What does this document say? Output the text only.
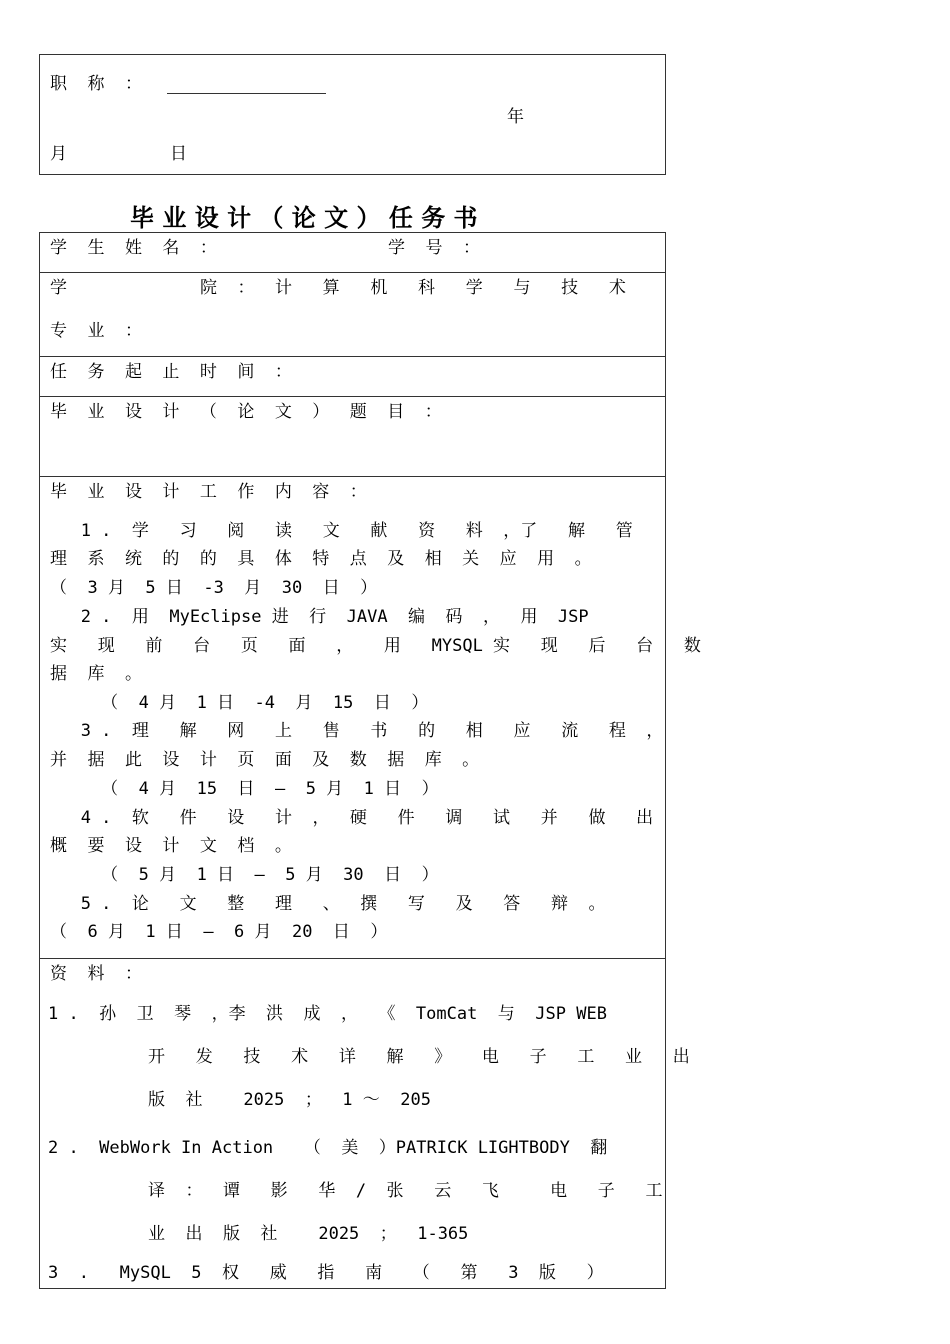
职  称  ：
年
月	日
毕 业 设 计 （ 论 文 ） 任 务 书
学  生  姓  名  ：	学  号  ：
学	院  ：  计   算   机   科   学   与   技   术
专  业  ：
任  务  起  止  时  间  ：
毕  业  设  计  （  论  文  ）  题  目  ：
毕  业  设  计  工  作  内  容  ：
1 .  学   习   阅   读   文   献   资   料  ，了   解   管
理  系  统  的  的  具  体  特  点  及  相  关  应  用  。
（  3 月  5 日  -3  月  30  日  ）
2 .  用  MyEclipse 进  行  JAVA  编  码  ，  用  JSP
实   现   前   台   页   面   ，   用   MYSQL 实   现   后   台   数
据  库  。
（  4 月  1 日  -4  月  15  日  ）
3 .  理   解   网   上   售   书   的   相   应   流   程  ，
并  据  此  设  计  页  面  及  数  据  库  。
（  4 月  15  日  —  5 月  1 日  ）
4 .  软   件   设   计  ，  硬   件   调   试   并   做   出
概  要  设  计  文  档  。
（  5 月  1 日  —  5 月  30  日  ）
5 .  论   文   整   理   、  撰   写   及   答   辩  。
（  6 月  1 日  —  6 月  20  日  ）
资  料  ：
1 .  孙  卫  琴  ，李  洪  成  ，  《  TomCat  与  JSP WEB
开   发   技   术   详   解   》   电   子   工   业   出
版  社    2025  ；  1 ～  205
2 .  WebWork In Action   （  美  ）PATRICK LIGHTBODY  翻
译  ：  谭   影   华  /  张   云   飞     电   子   工
业  出  版  社    2025  ；  1-365
3  .   MySQL  5  权   威   指   南   （   第   3  版   ）
